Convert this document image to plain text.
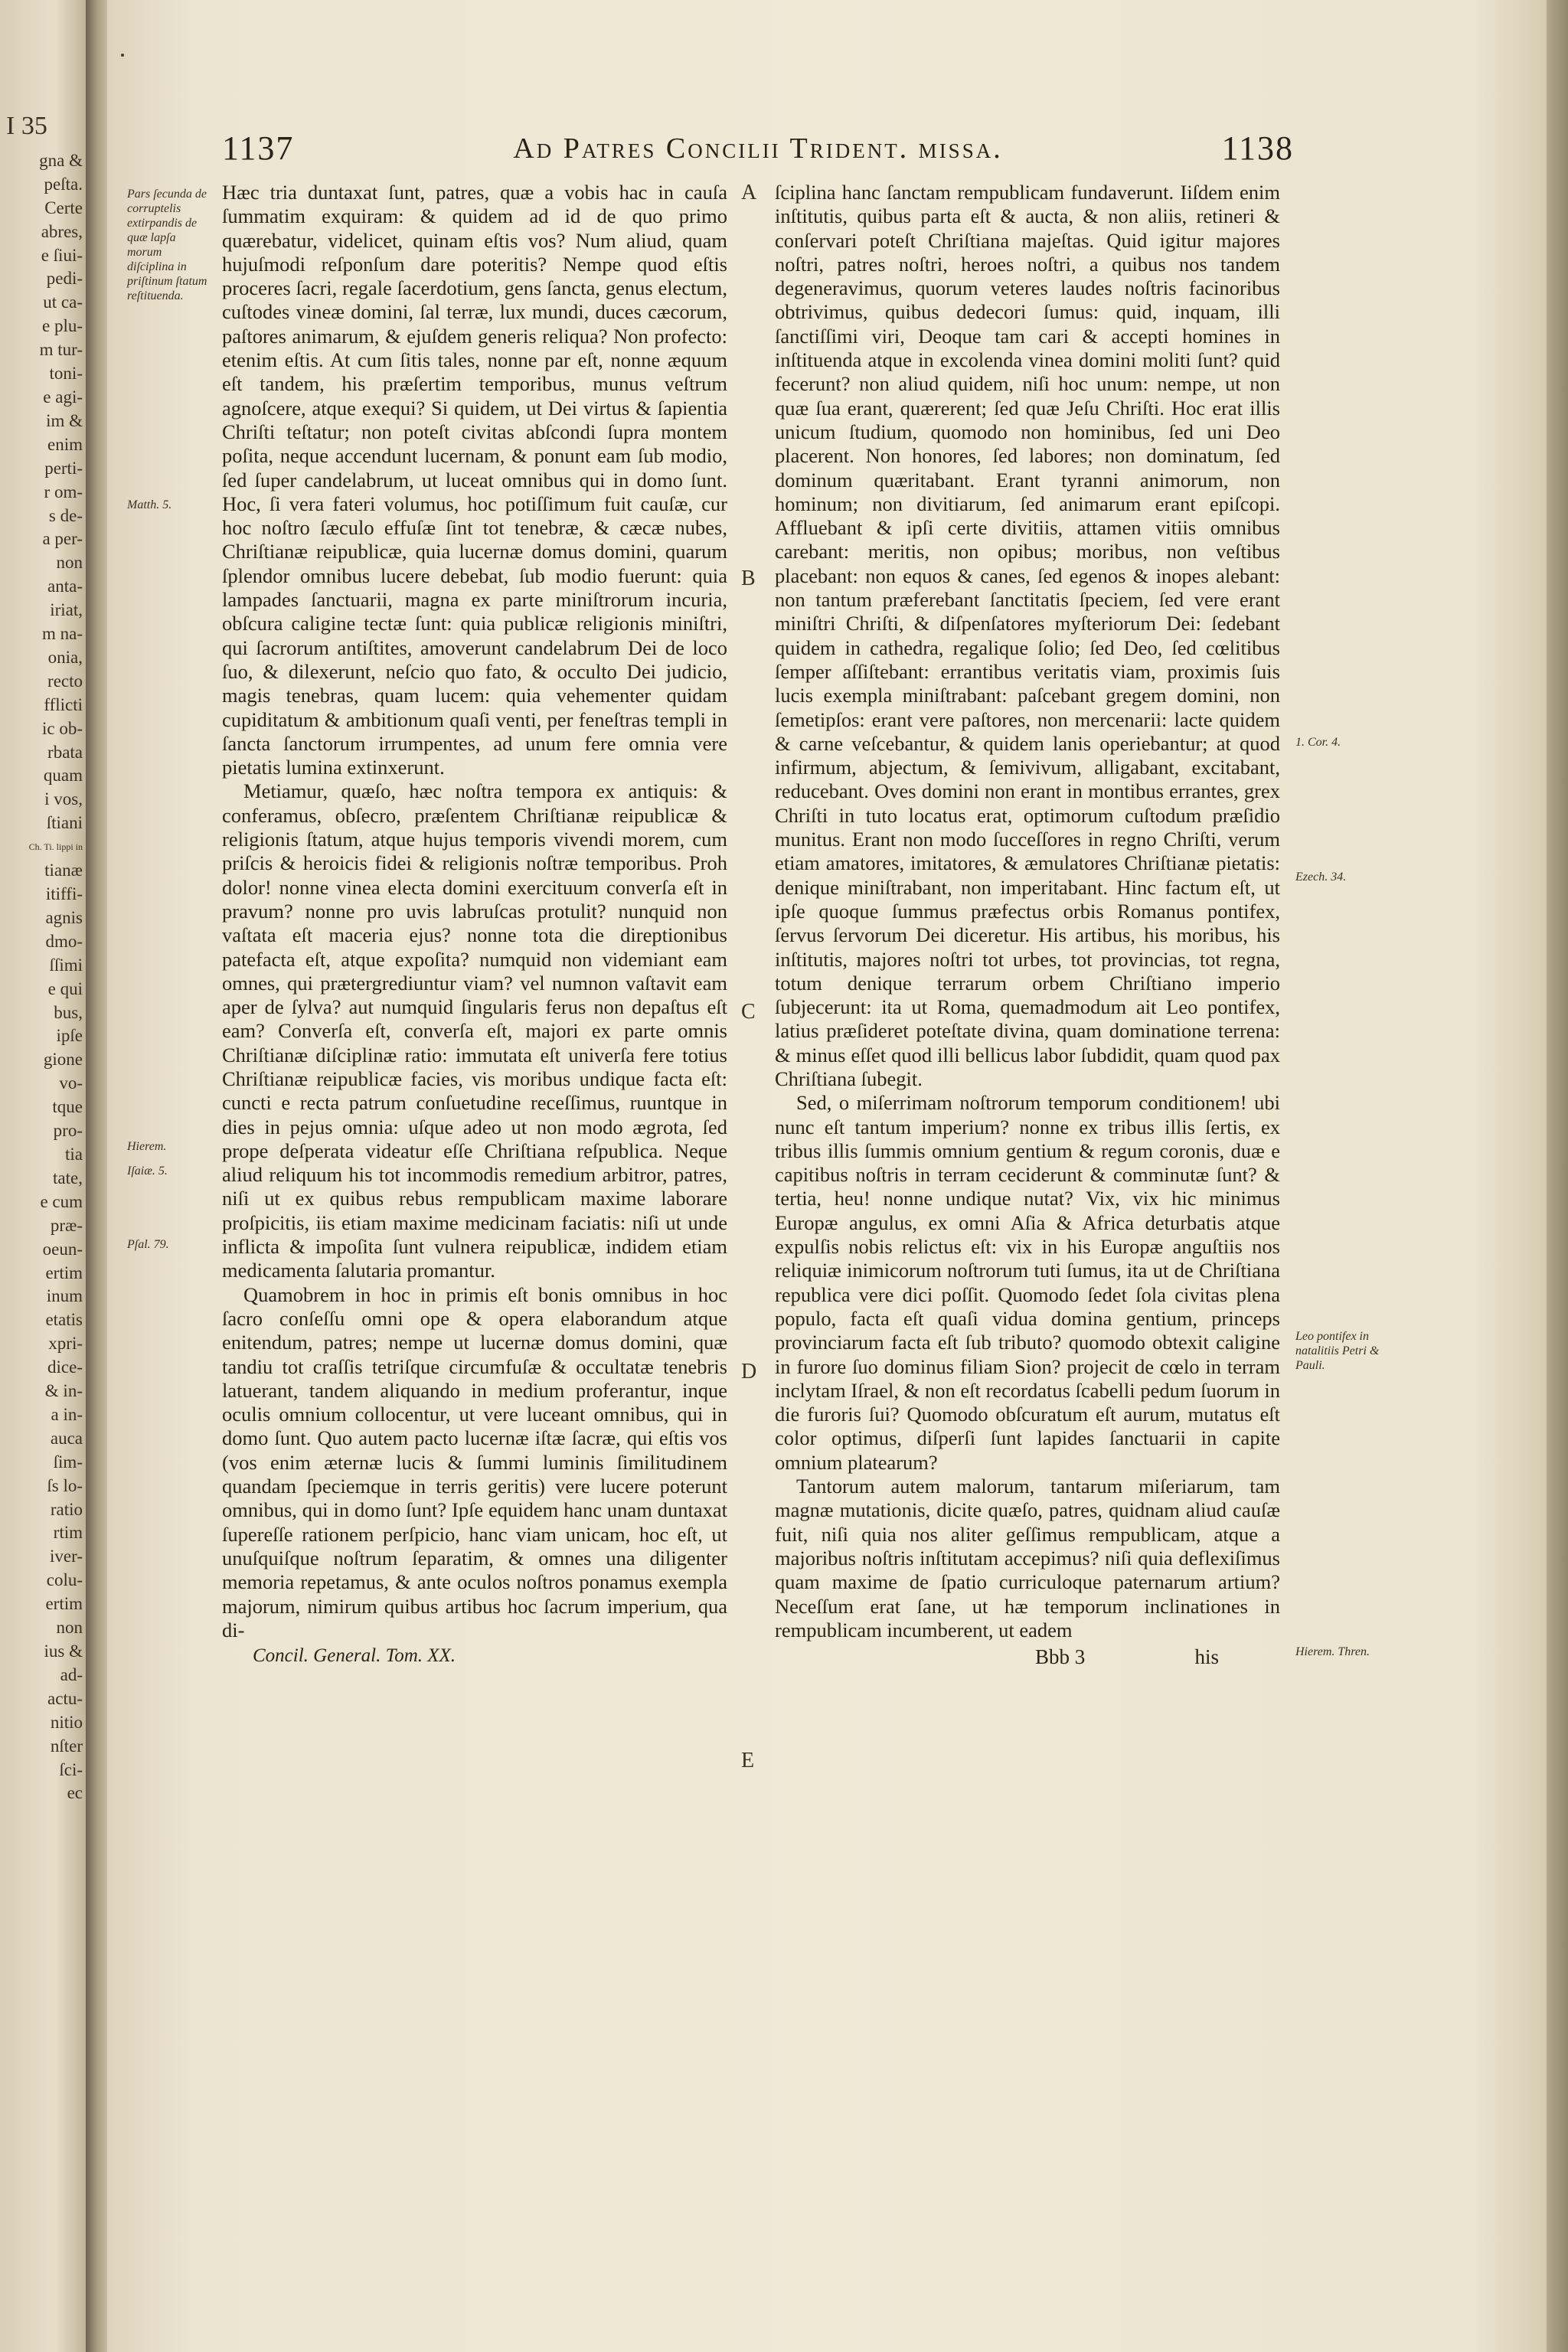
I 35
gna &
peſta.
Certe
abres,
e ſiui-
pedi-
ut ca-
e plu-
m tur-
toni-
e agi-
im &
enim
perti-
r om-
s de-
a per-
non
anta-
iriat,
m na-
onia,
recto
fflicti
ic ob-
rbata
quam
i vos,
ſtiani
Ch. Ti. lippi in
tianæ
itiffi-
agnis
dmo-
ſſimi
e qui
bus,
ipſe
gione
vo-
tque
pro-
tia
tate,
e cum
præ-
oeun-
ertim
inum
etatis
xpri-
dice-
& in-
a in-
auca
ſim-
ſs lo-
ratio
rtim
iver-
colu-
ertim
non
ius &
ad-
actu-
nitio
nſter
ſci-
ec
1137	Ad Patres Concilii Trident. missa.	1138
Pars ſecunda de corruptelis extirpandis de quæ lapſa morum diſciplina in priſtinum ſtatum reſtituenda.
Matth. 5.
Hierem.
Iſaiæ. 5.
Pſal. 79.
1. Cor. 4.
Ezech. 34.
Leo pontifex in natalitiis Petri & Pauli.
Hierem. Thren.
A
B
C
D
E

Hæc tria duntaxat ſunt, patres, quæ a vobis hac in cauſa ſummatim exquiram: & quidem ad id de quo primo quærebatur, videlicet, quinam eſtis vos? Num aliud, quam hujuſmodi reſponſum dare poteritis? Nempe quod eſtis proceres ſacri, regale ſacerdotium, gens ſancta, genus electum, cuſtodes vineæ domini, ſal terræ, lux mundi, duces cæcorum, paſtores animarum, & ejuſdem generis reliqua? Non profecto: etenim eſtis. At cum ſitis tales, nonne par eſt, nonne æquum eſt tandem, his præſertim temporibus, munus veſtrum agnoſcere, atque exequi? Si quidem, ut Dei virtus & ſapientia Chriſti teſtatur; non poteſt civitas abſcondi ſupra montem poſita, neque accendunt lucernam, & ponunt eam ſub modio, ſed ſuper candelabrum, ut luceat omnibus qui in domo ſunt. Hoc, ſi vera fateri volumus, hoc potiſſimum fuit cauſæ, cur hoc noſtro ſæculo effuſæ ſint tot tenebræ, & cæcæ nubes, Chriſtianæ reipublicæ, quia lucernæ domus domini, quarum ſplendor omnibus lucere debebat, ſub modio fuerunt: quia lampades ſanctuarii, magna ex parte miniſtrorum incuria, obſcura caligine tectæ ſunt: quia publicæ religionis miniſtri, qui ſacrorum antiſtites, amoverunt candelabrum Dei de loco ſuo, & dilexerunt, neſcio quo fato, & occulto Dei judicio, magis tenebras, quam lucem: quia vehementer quidam cupiditatum & ambitionum quaſi venti, per feneſtras templi in ſancta ſanctorum irrumpentes, ad unum fere omnia vere pietatis lumina extinxerunt.

Metiamur, quæſo, hæc noſtra tempora ex antiquis: & conferamus, obſecro, præſentem Chriſtianæ reipublicæ & religionis ſtatum, atque hujus temporis vivendi morem, cum priſcis & heroicis fidei & religionis noſtræ temporibus. Proh dolor! nonne vinea electa domini exercituum converſa eſt in pravum? nonne pro uvis labruſcas protulit? nunquid non vaſtata eſt maceria ejus? nonne tota die direptionibus patefacta eſt, atque expoſita? numquid non videmiant eam omnes, qui prætergrediuntur viam? vel numnon vaſtavit eam aper de ſylva? aut numquid ſingularis ferus non depaſtus eſt eam? Converſa eſt, converſa eſt, majori ex parte omnis Chriſtianæ diſciplinæ ratio: immutata eſt univerſa fere totius Chriſtianæ reipublicæ facies, vis moribus undique facta eſt: cuncti e recta patrum conſuetudine receſſimus, ruuntque in dies in pejus omnia: uſque adeo ut non modo ægrota, ſed prope deſperata videatur eſſe Chriſtiana reſpublica. Neque aliud reliquum his tot incommodis remedium arbitror, patres, niſi ut ex quibus rebus rempublicam maxime laborare proſpicitis, iis etiam maxime medicinam faciatis: niſi ut unde inflicta & impoſita ſunt vulnera reipublicæ, indidem etiam medicamenta ſalutaria promantur.

Quamobrem in hoc in primis eſt bonis omnibus in hoc ſacro conſeſſu omni ope & opera elaborandum atque enitendum, patres; nempe ut lucernæ domus domini, quæ tandiu tot craſſis tetriſque circumfuſæ & occultatæ tenebris latuerant, tandem aliquando in medium proferantur, inque oculis omnium collocentur, ut vere luceant omnibus, qui in domo ſunt. Quo autem pacto lucernæ iſtæ ſacræ, qui eſtis vos (vos enim æternæ lucis & ſummi luminis ſimilitudinem quandam ſpeciemque in terris geritis) vere lucere poterunt omnibus, qui in domo ſunt? Ipſe equidem hanc unam duntaxat ſupereſſe rationem perſpicio, hanc viam unicam, hoc eſt, ut unuſquiſque noſtrum ſeparatim, & omnes una diligenter memoria repetamus, & ante oculos noſtros ponamus exempla majorum, nimirum quibus artibus hoc ſacrum imperium, qua di-

Concil. General. Tom. XX.

ſciplina hanc ſanctam rempublicam fundaverunt. Iiſdem enim inſtitutis, quibus parta eſt & aucta, & non aliis, retineri & conſervari poteſt Chriſtiana majeſtas. Quid igitur majores noſtri, patres noſtri, heroes noſtri, a quibus nos tandem degeneravimus, quorum veteres laudes noſtris facinoribus obtrivimus, quibus dedecori ſumus: quid, inquam, illi ſanctiſſimi viri, Deoque tam cari & accepti homines in inſtituenda atque in excolenda vinea domini moliti ſunt? quid fecerunt? non aliud quidem, niſi hoc unum: nempe, ut non quæ ſua erant, quærerent; ſed quæ Jeſu Chriſti. Hoc erat illis unicum ſtudium, quomodo non hominibus, ſed uni Deo placerent. Non honores, ſed labores; non dominatum, ſed dominum quæritabant. Erant tyranni animorum, non hominum; non divitiarum, ſed animarum erant epiſcopi. Affluebant & ipſi certe divitiis, attamen vitiis omnibus carebant: meritis, non opibus; moribus, non veſtibus placebant: non equos & canes, ſed egenos & inopes alebant: non tantum præferebant ſanctitatis ſpeciem, ſed vere erant miniſtri Chriſti, & diſpenſatores myſteriorum Dei: ſedebant quidem in cathedra, regalique ſolio; ſed Deo, ſed cœlitibus ſemper aſſiſtebant: errantibus veritatis viam, proximis ſuis lucis exempla miniſtrabant: paſcebant gregem domini, non ſemetipſos: erant vere paſtores, non mercenarii: lacte quidem & carne veſcebantur, & quidem lanis operiebantur; at quod infirmum, abjectum, & ſemivivum, alligabant, excitabant, reducebant. Oves domini non erant in montibus errantes, grex Chriſti in tuto locatus erat, optimorum cuſtodum præſidio munitus. Erant non modo ſucceſſores in regno Chriſti, verum etiam amatores, imitatores, & æmulatores Chriſtianæ pietatis: denique miniſtrabant, non imperitabant. Hinc factum eſt, ut ipſe quoque ſummus præfectus orbis Romanus pontifex, ſervus ſervorum Dei diceretur. His artibus, his moribus, his inſtitutis, majores noſtri tot urbes, tot provincias, tot regna, totum denique terrarum orbem Chriſtiano imperio ſubjecerunt: ita ut Roma, quemadmodum ait Leo pontifex, latius præſideret poteſtate divina, quam dominatione terrena: & minus eſſet quod illi bellicus labor ſubdidit, quam quod pax Chriſtiana ſubegit.

Sed, o miſerrimam noſtrorum temporum conditionem! ubi nunc eſt tantum imperium? nonne ex tribus illis ſertis, ex tribus illis ſummis omnium gentium & regum coronis, duæ e capitibus noſtris in terram ceciderunt & comminutæ ſunt? & tertia, heu! nonne undique nutat? Vix, vix hic minimus Europæ angulus, ex omni Aſia & Africa deturbatis atque expulſis nobis relictus eſt: vix in his Europæ anguſtiis nos reliquiæ inimicorum noſtrorum tuti ſumus, ita ut de Chriſtiana republica vere dici poſſit. Quomodo ſedet ſola civitas plena populo, facta eſt quaſi vidua domina gentium, princeps provinciarum facta eſt ſub tributo? quomodo obtexit caligine in furore ſuo dominus filiam Sion? projecit de cœlo in terram inclytam Iſrael, & non eſt recordatus ſcabelli pedum ſuorum in die furoris ſui? Quomodo obſcuratum eſt aurum, mutatus eſt color optimus, diſperſi ſunt lapides ſanctuarii in capite omnium platearum?

Tantorum autem malorum, tantarum miſeriarum, tam magnæ mutationis, dicite quæſo, patres, quidnam aliud cauſæ fuit, niſi quia nos aliter geſſimus rempublicam, atque a majoribus noſtris inſtitutam accepimus? niſi quia deflexiſimus quam maxime de ſpatio curriculoque paternarum artium? Neceſſum erat ſane, ut hæ temporum inclinationes in rempublicam incumberent, ut eadem

Bbb 3	his
